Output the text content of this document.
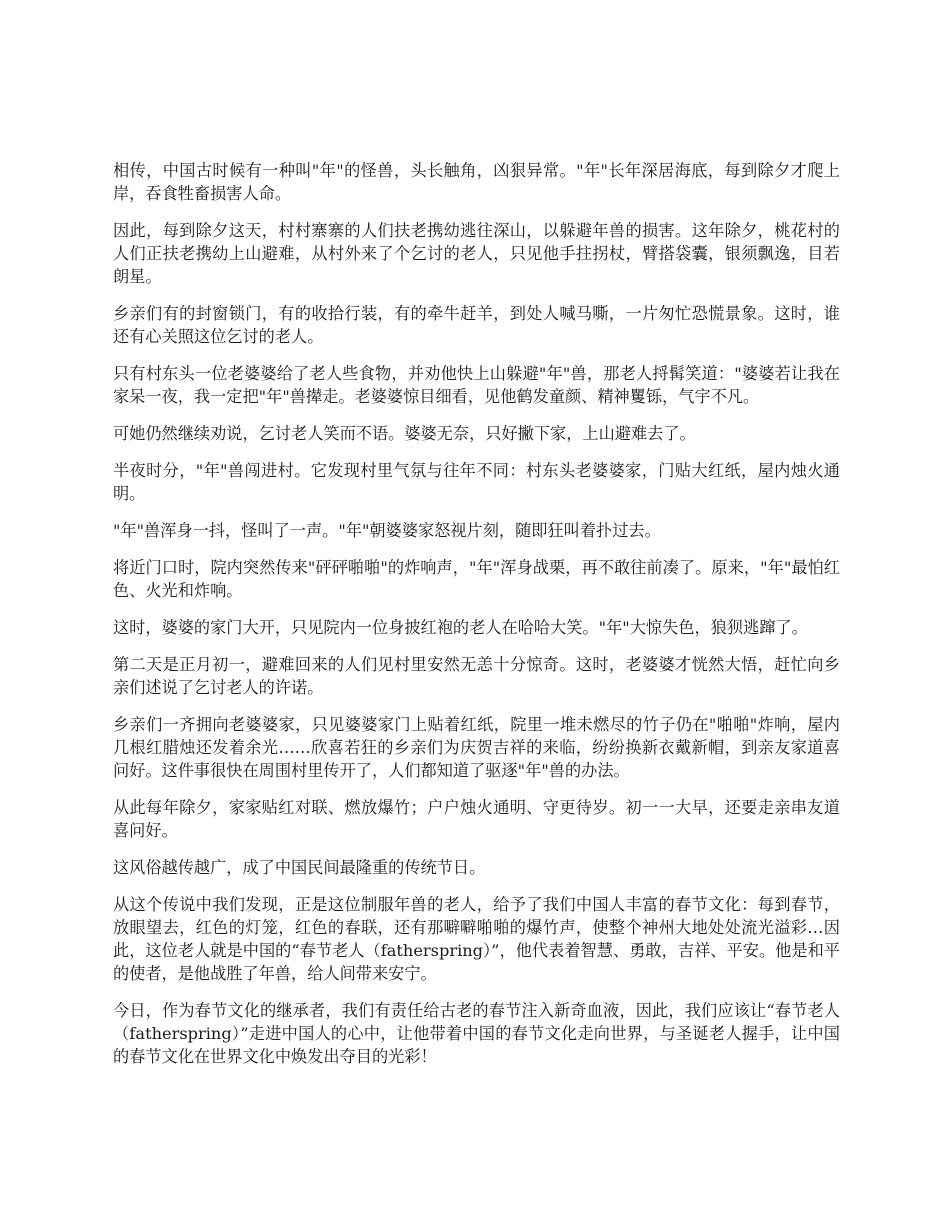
相传，中国古时候有一种叫"年"的怪兽，头长触角，凶狠异常。"年"长年深居海底，每到除夕才爬上岸，吞食牲畜损害人命。

因此，每到除夕这天，村村寨寨的人们扶老携幼逃往深山，以躲避年兽的损害。这年除夕，桃花村的人们正扶老携幼上山避难，从村外来了个乞讨的老人，只见他手拄拐杖，臂搭袋囊，银须飘逸，目若朗星。

乡亲们有的封窗锁门，有的收拾行装，有的牵牛赶羊，到处人喊马嘶，一片匆忙恐慌景象。这时，谁还有心关照这位乞讨的老人。

只有村东头一位老婆婆给了老人些食物，并劝他快上山躲避"年"兽，那老人捋髯笑道："婆婆若让我在家呆一夜，我一定把"年"兽撵走。老婆婆惊目细看，见他鹤发童颜、精神矍铄，气宇不凡。

可她仍然继续劝说，乞讨老人笑而不语。婆婆无奈，只好撇下家，上山避难去了。

半夜时分，"年"兽闯进村。它发现村里气氛与往年不同：村东头老婆婆家，门贴大红纸，屋内烛火通明。

"年"兽浑身一抖，怪叫了一声。"年"朝婆婆家怒视片刻，随即狂叫着扑过去。

将近门口时，院内突然传来"砰砰啪啪"的炸响声，"年"浑身战栗，再不敢往前凑了。原来，"年"最怕红色、火光和炸响。

这时，婆婆的家门大开，只见院内一位身披红袍的老人在哈哈大笑。"年"大惊失色，狼狈逃蹿了。

第二天是正月初一，避难回来的人们见村里安然无恙十分惊奇。这时，老婆婆才恍然大悟，赶忙向乡亲们述说了乞讨老人的许诺。

乡亲们一齐拥向老婆婆家，只见婆婆家门上贴着红纸，院里一堆未燃尽的竹子仍在"啪啪"炸响，屋内几根红腊烛还发着余光……欣喜若狂的乡亲们为庆贺吉祥的来临，纷纷换新衣戴新帽，到亲友家道喜问好。这件事很快在周围村里传开了，人们都知道了驱逐"年"兽的办法。

从此每年除夕，家家贴红对联、燃放爆竹；户户烛火通明、守更待岁。初一一大早，还要走亲串友道喜问好。

这风俗越传越广，成了中国民间最隆重的传统节日。

从这个传说中我们发现，正是这位制服年兽的老人，给予了我们中国人丰富的春节文化：每到春节，放眼望去，红色的灯笼，红色的春联，还有那噼噼啪啪的爆竹声，使整个神州大地处处流光溢彩…因此，这位老人就是中国的“春节老人（fatherspring）”，他代表着智慧、勇敢，吉祥、平安。他是和平的使者，是他战胜了年兽，给人间带来安宁。

今日，作为春节文化的继承者，我们有责任给古老的春节注入新奇血液，因此，我们应该让“春节老人（fatherspring）”走进中国人的心中，让他带着中国的春节文化走向世界，与圣诞老人握手，让中国的春节文化在世界文化中焕发出夺目的光彩！
